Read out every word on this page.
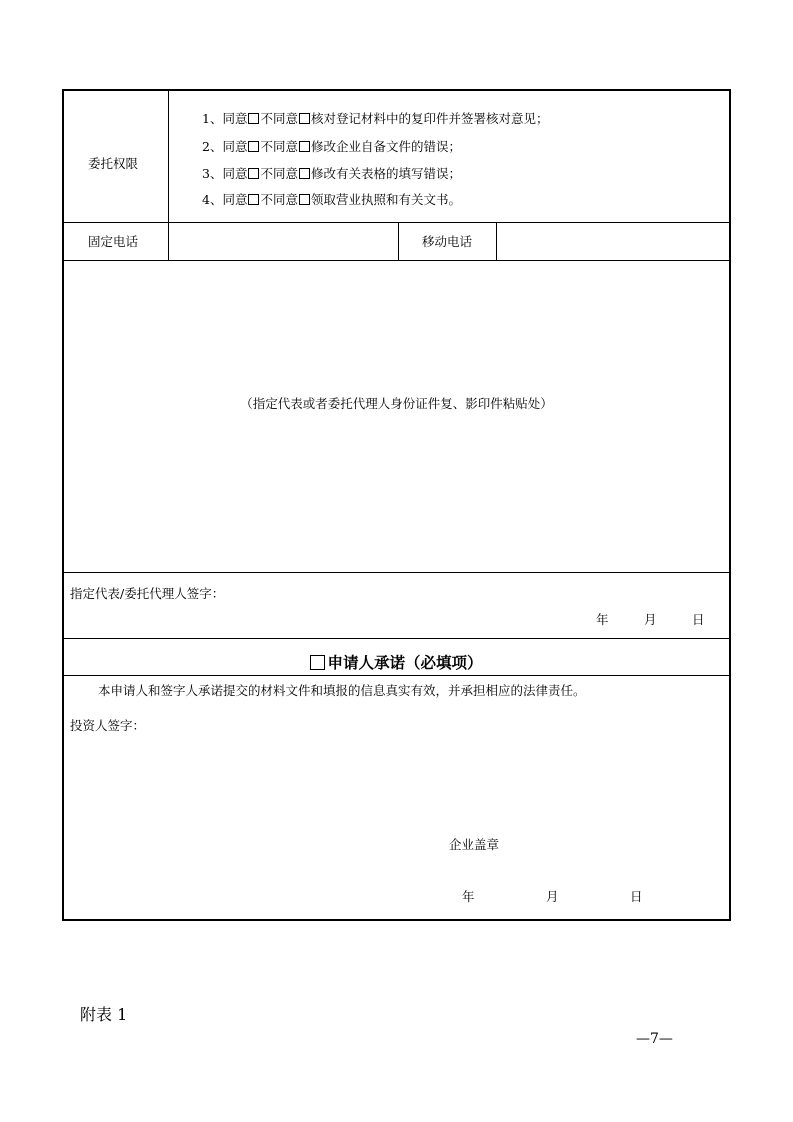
委托权限
1、同意 不同意 核对登记材料中的复印件并签署核对意见；
2、同意 不同意 修改企业自备文件的错误；
3、同意 不同意 修改有关表格的填写错误；
4、同意 不同意 领取营业执照和有关文书。
固定电话	移动电话
（指定代表或者委托代理人身份证件复、影印件粘贴处）
指定代表/委托代理人签字：
年	月	日
申请人承诺（必填项）
本申请人和签字人承诺提交的材料文件和填报的信息真实有效，并承担相应的法律责任。
投资人签字：
企业盖章
年	月	日
附表 1
—7—
